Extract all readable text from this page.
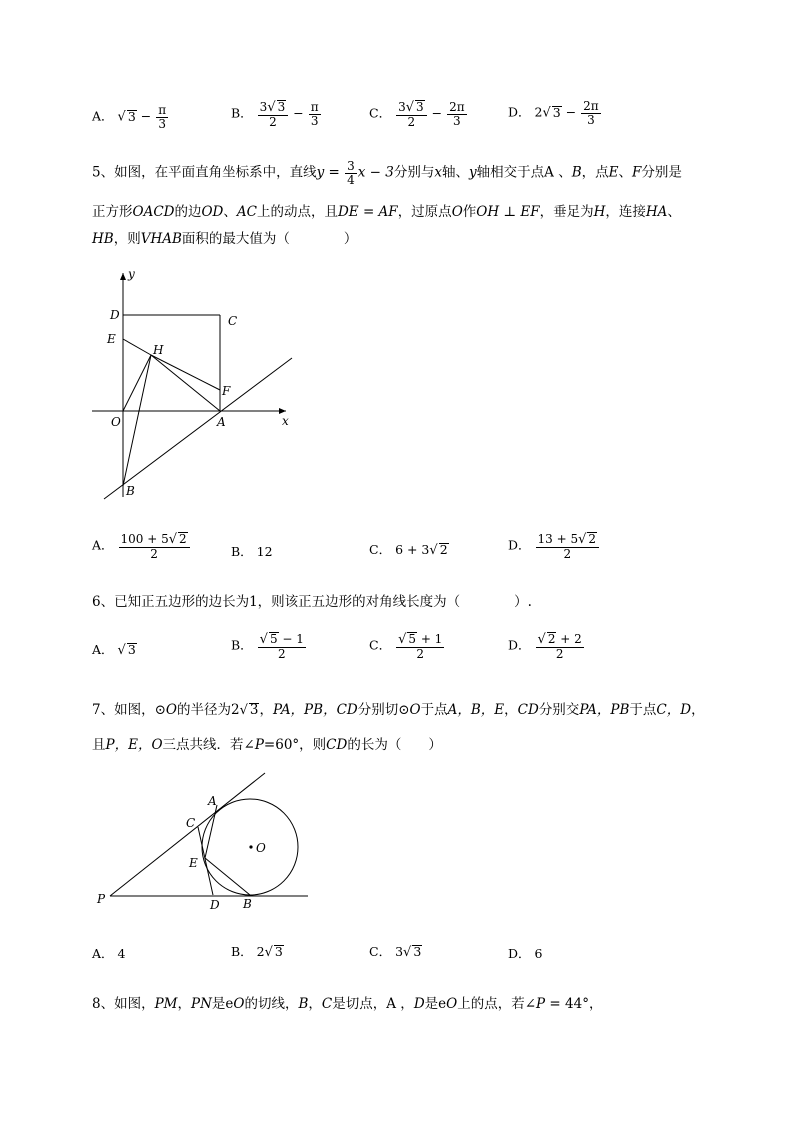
A． √ $3 - \frac{\pi}{3}$	B． $\frac{3√ 3}{2} - \frac{\pi}{3}$	C． $\frac{3√ 3}{2} - \frac{2\pi}{3}$	D． 2√ $3 - \frac{2\pi}{3}$
5、如图，在平面直角坐标系中，直线$y = \frac{3}{4}$ x − 3分别与x轴、y轴相交于点A 、B，点E、F分别是
正方形OACD的边OD、AC上的动点，且DE = AF，过原点O作OH ⊥ EF，垂足为H，连接HA、
HB，则VHAB面积的最大值为（　　　　）
y
x
D	C
E
H
F
O	A
B
A． $\frac{100 + 5√ 2}{2}$	B． 12	C． 6 + 3√ 2	D． $\frac{13 + 5√ 2}{2}$
6、已知正五边形的边长为1，则该正五边形的对角线长度为（　　　　）.
A． √ 3	B． $\frac{√ 5 - 1}{2}$	C． $\frac{√ 5 + 1}{2}$	D． $\frac{√ 2 + 2}{2}$
7、如图，⊙O的半径为2√ 3，PA，PB，CD分别切⊙O于点A，B，E，CD分别交PA，PB于点C，D，
且P，E，O三点共线．若∠P=60°，则CD的长为（　　）
A
C
E
O
P	D B
A． 4	B． 2√ 3	C． 3√ 3	D． 6
8、如图，PM，PN是eO的切线，B，C是切点，A ，D是eO上的点，若∠P = 44°，
